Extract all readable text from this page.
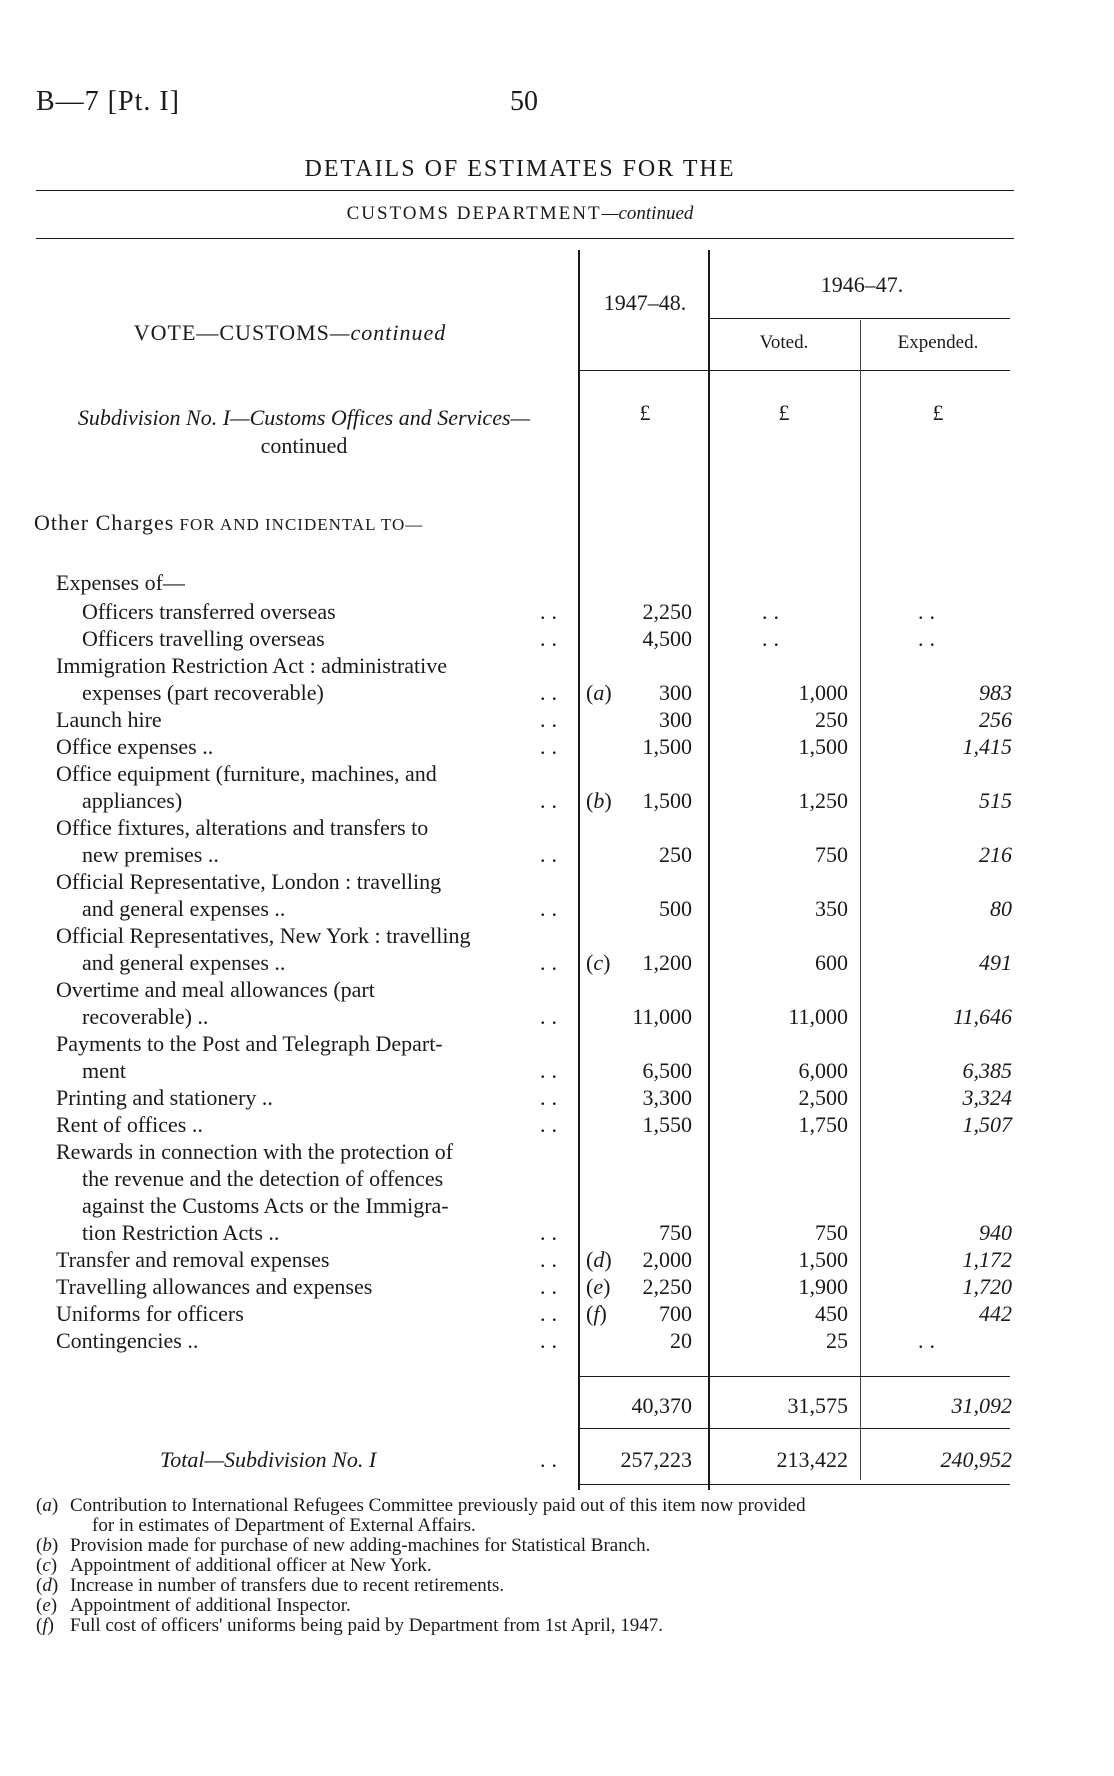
B—7 [Pt. I]	50
DETAILS OF ESTIMATES FOR THE
CUSTOMS DEPARTMENT—continued
VOTE—CUSTOMS—continued
1947–48.
1946–47.
Voted.	Expended.
£	£	£
Subdivision No. I—Customs Offices and Services—
continued
Other Charges FOR AND INCIDENTAL TO—
Expenses of—
Officers transferred overseas	..	2,250	..	..
Officers travelling overseas	..	4,500	..	..
Immigration Restriction Act : administrative
expenses (part recoverable)	.. (a) 300	1,000	983
Launch hire	..	300	250	256
Office expenses ..	..	1,500	1,500	1,415
Office equipment (furniture, machines, and
appliances)	.. (b) 1,500	1,250	515
Office fixtures, alterations and transfers to
new premises ..	..	250	750	216
Official Representative, London : travelling
and general expenses ..	..	500	350	80
Official Representatives, New York : travelling
and general expenses ..	.. (c) 1,200	600	491
Overtime and meal allowances (part
recoverable) ..	..	11,000	11,000	11,646
Payments to the Post and Telegraph Depart-
ment	..	6,500	6,000	6,385
Printing and stationery ..	..	3,300	2,500	3,324
Rent of offices ..	..	1,550	1,750	1,507
Rewards in connection with the protection of
the revenue and the detection of offences
against the Customs Acts or the Immigra-
tion Restriction Acts ..	..	750	750	940
Transfer and removal expenses	.. (d) 2,000	1,500	1,172
Travelling allowances and expenses	.. (e) 2,250	1,900	1,720
Uniforms for officers	.. (f) 700	450	442
Contingencies ..	..	20	25	..
40,370	31,575	31,092
Total—Subdivision No. I	..	257,223	213,422	240,952
( a ) Contribution to International Refugees Committee previously paid out of this item now provided
for in estimates of Department of External Affairs.
( b ) Provision made for purchase of new adding-machines for Statistical Branch.
( c )	Appointment of additional officer at New York.
( d ) Increase in number of transfers due to recent retirements.
( e )	Appointment of additional Inspector.
( f )	Full cost of officers' uniforms being paid by Department from 1st April, 1947.
